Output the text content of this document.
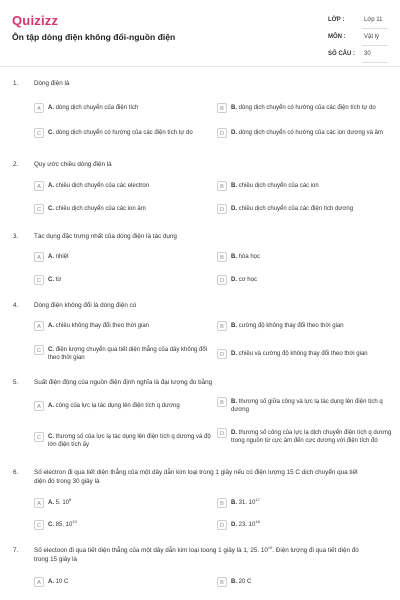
Quizizz
Ôn tập dòng điện không đổi-nguồn điện
LỚP :	Lớp 11
MÔN :	Vật lý
SỐ CÂU : 30
1. Dòng điện là
A	A. dòng dịch chuyển của điện tích	B	B. dòng dịch chuyển có hướng của các điện tích tự do
C	C. dòng dịch chuyển có hướng của các điện tích tự do	D	D. dòng dịch chuyển có hướng của các ion dương và âm
2. Quy ước chiều dòng điện là
A	A. chiều dịch chuyển của các electron	B	B. chiều dịch chuyển của các ion
C	C. chiều dịch chuyển của các ion âm	D	D. chiều dịch chuyển của các điện tích dương
3. Tác dụng đặc trưng nhất của dòng điện là tác dụng
A	A. nhiệt	B	B. hóa học
C	C. từ	D	D. cơ học
4. Dòng điện không đổi là dòng điện có
A	A. chiều không thay đổi theo thời gian	B	B. cường độ không thay đổi theo thời gian
C	C. điện lượng chuyển qua tiết diện thẳng của dây không đổi theo thời gian	D	D. chiều và cường độ không thay đổi theo thời gian
5. Suất điện động của nguồn điện định nghĩa là đại lượng đo bằng
A	A. công của lực lạ tác dụng lên điện tích q dương	B	B. thương số giữa công và lực lạ tác dụng lên điện tích q dương
C	C. thương số của lực lạ tác dụng lên điện tích q dương và độ lớn điện tích ấy
D	D. thương số công của lực lạ dịch chuyển điện tích q dương trong nguồn từ cực âm đến cực dương với điện tích đó
6. Số electron đi qua tiết diện thẳng của một dây dẫn kim loại trong 1 giây nếu có điện lượng 15 C dịch chuyển qua tiết diện đó trong 30 giây là
A	A. 5. $10^8$
B	B. 31. $10^{17}$
C	C. 85. $10^{10}$
D	D. 23. $10^{16}$
7. Số electoon đi qua tiết diện thẳng của một dây dẫn kim loại toong 1 giây là 1, 25. $10^{19}$. Điện lượng đi qua tiết diện đó trong 15 giây là
A	A. 10 C	B	B. 20 C
